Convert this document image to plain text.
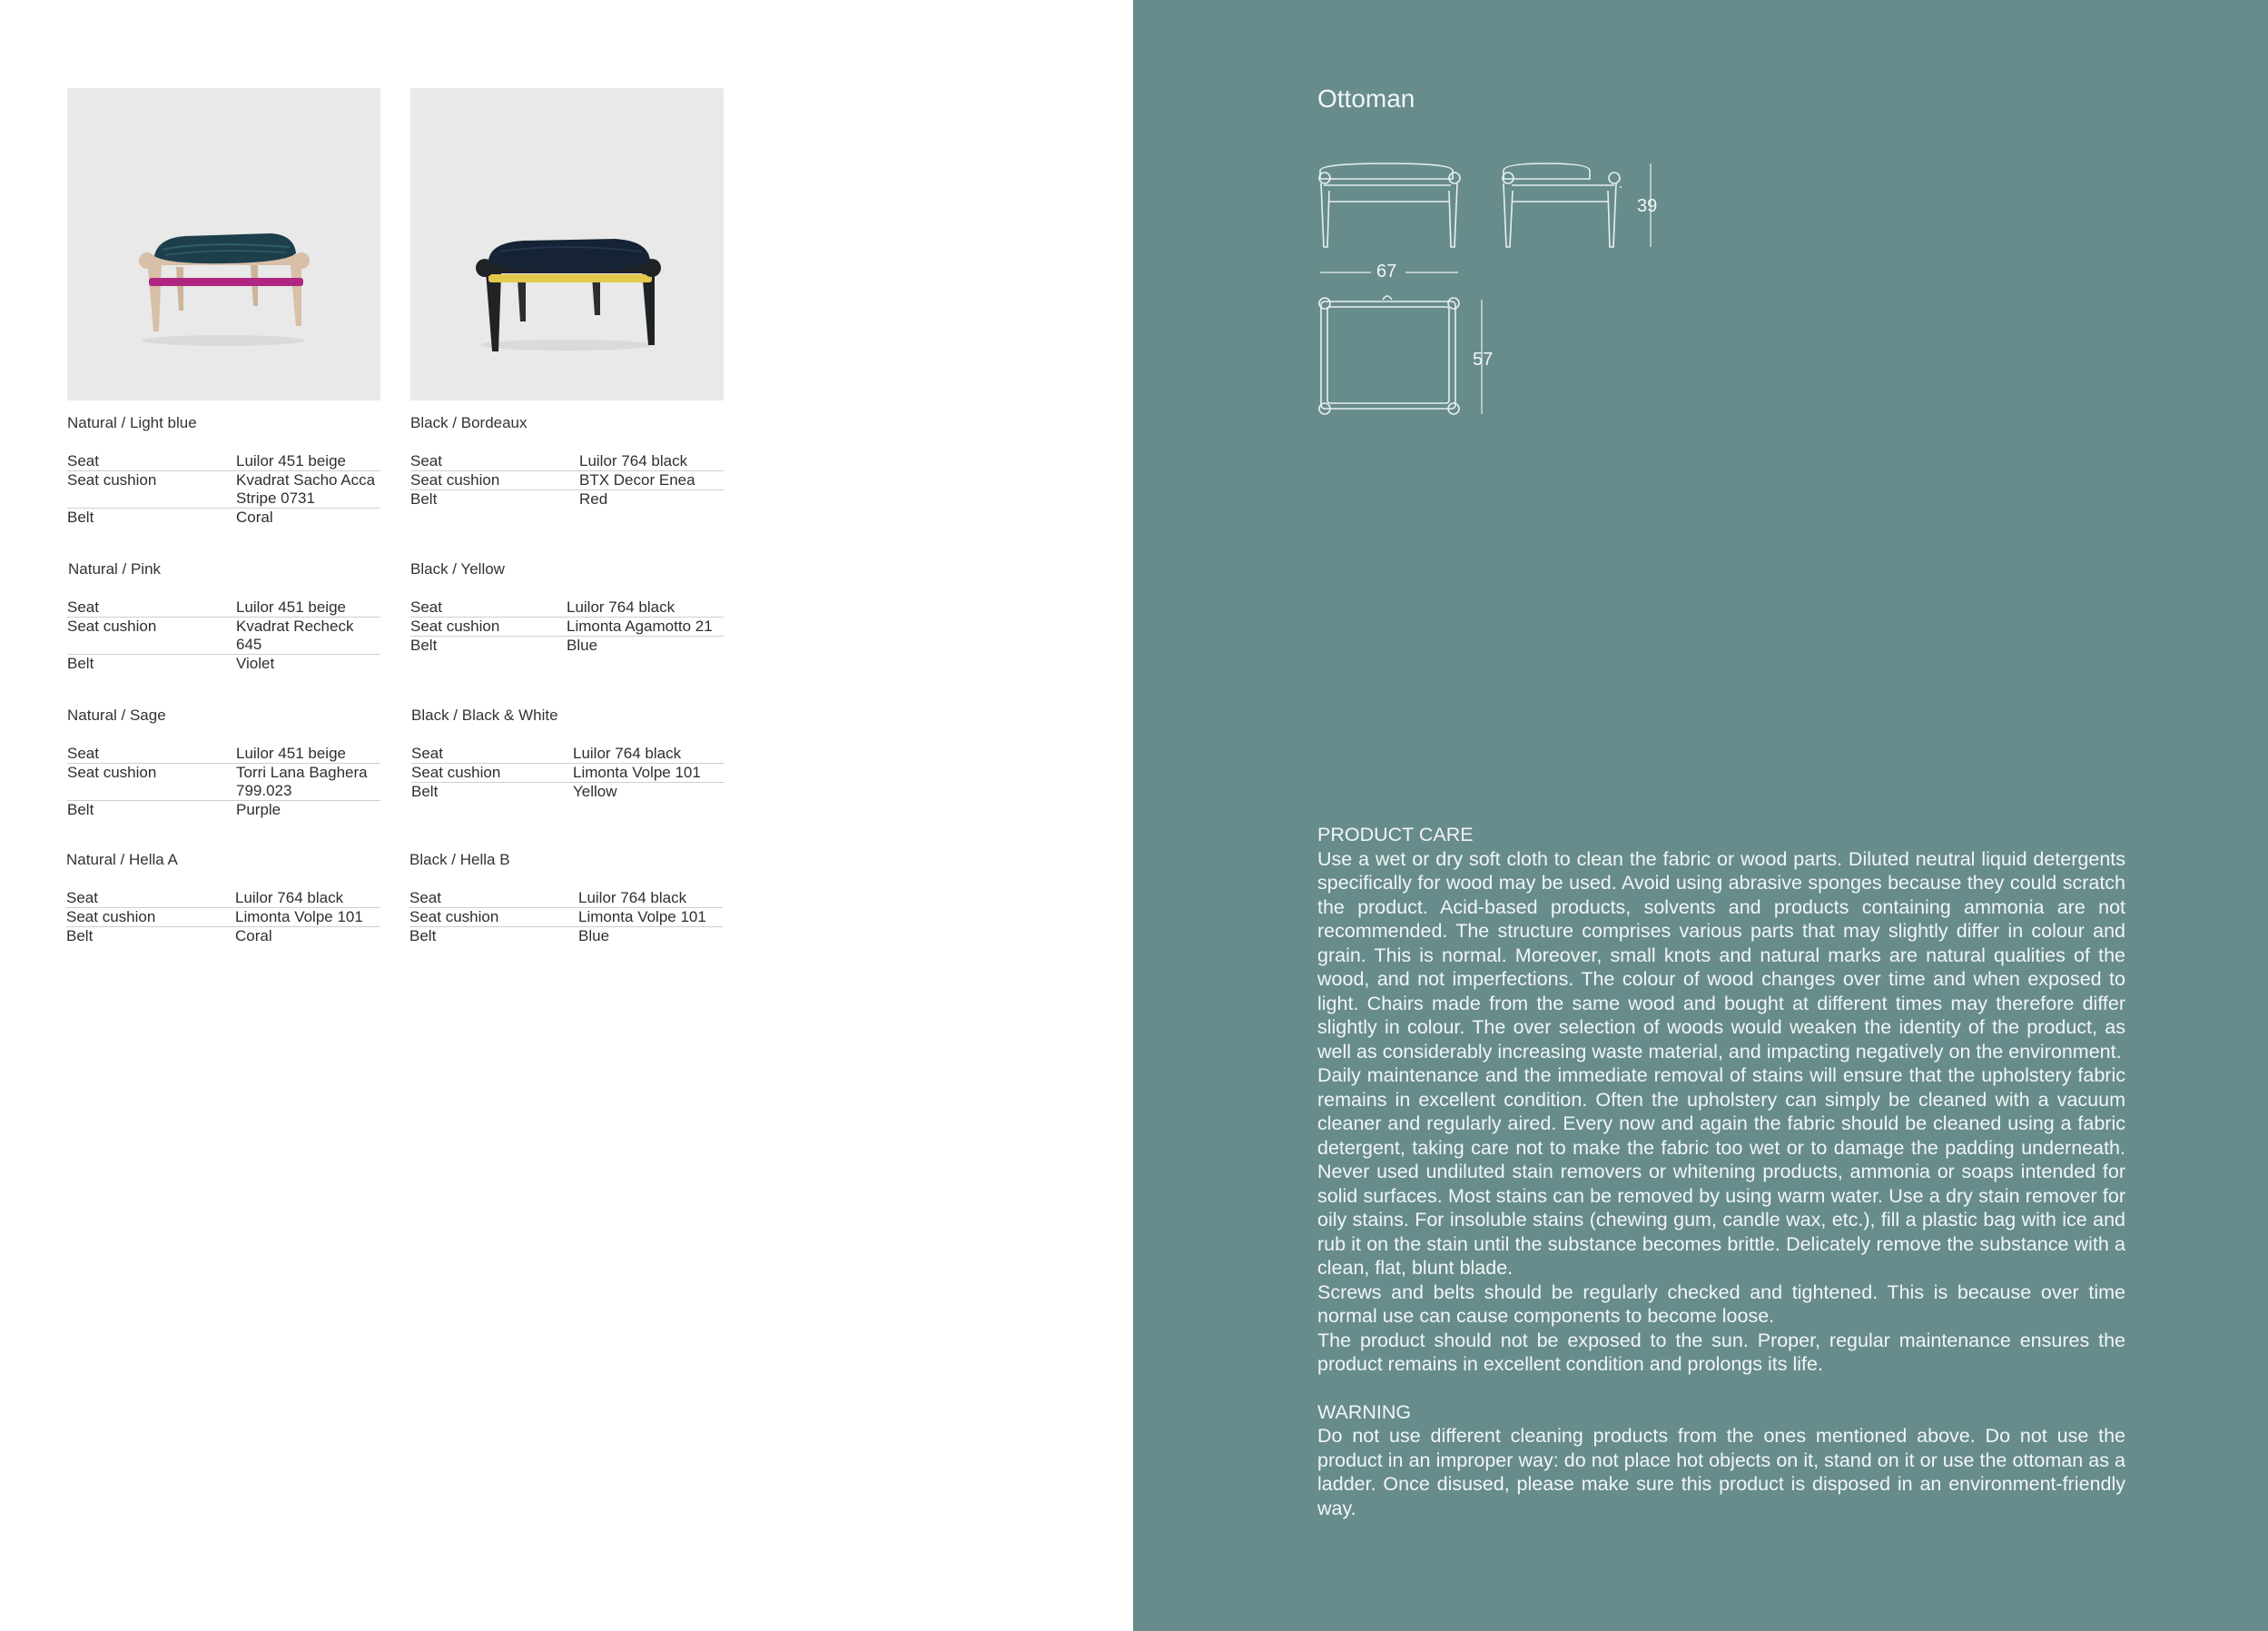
Natural / Light blue
Seat	Luilor 451 beige
Seat cushion	Kvadrat Sacho Acca Stripe 0731
Belt	Coral
Black / Bordeaux
Seat	Luilor 764 black
Seat cushion	BTX Decor Enea
Belt	Red
Natural / Pink
Seat	Luilor 451 beige
Seat cushion	Kvadrat Recheck 645
Belt	Violet
Black / Yellow
Seat	Luilor 764 black
Seat cushion	Limonta Agamotto 21
Belt	Blue
Natural / Sage
Seat	Luilor 451 beige
Seat cushion	Torri Lana Baghera 799.023
Belt	Purple
Black / Black & White
Seat	Luilor 764 black
Seat cushion	Limonta Volpe 101
Belt	Yellow
Natural / Hella A
Seat	Luilor 764 black
Seat cushion	Limonta Volpe 101
Belt	Coral
Black / Hella B
Seat	Luilor 764 black
Seat cushion	Limonta Volpe 101
Belt	Blue
Ottoman
39
67
57
PRODUCT CARE

Use a wet or dry soft cloth to clean the fabric or wood parts. Diluted neutral liquid detergents specifically for wood may be used. Avoid using abrasive sponges because they could scratch the product. Acid-based products, solvents and products containing ammonia are not recommended. The structure comprises various parts that may slightly differ in colour and grain. This is normal. Moreover, small knots and natural marks are natural qualities of the wood, and not imperfections. The colour of wood changes over time and when exposed to light. Chairs made from the same wood and bought at different times may therefore differ slightly in colour. The over selection of woods would weaken the identity of the product, as well as considerably increasing waste material, and impacting negatively on the environment.

Daily maintenance and the immediate removal of stains will ensure that the upholstery fabric remains in excellent condition. Often the upholstery can simply be cleaned with a vacuum cleaner and regularly aired. Every now and again the fabric should be cleaned using a fabric detergent, taking care not to make the fabric too wet or to damage the padding underneath. Never used undiluted stain removers or whitening products, ammonia or soaps intended for solid surfaces. Most stains can be removed by using warm water. Use a dry stain remover for oily stains. For insoluble stains (chewing gum, candle wax, etc.), fill a plastic bag with ice and rub it on the stain until the substance becomes brittle. Delicately remove the substance with a clean, flat, blunt blade.

Screws and belts should be regularly checked and tightened. This is because over time normal use can cause components to become loose.

The product should not be exposed to the sun. Proper, regular maintenance ensures the product remains in excellent condition and prolongs its life.

WARNING

Do not use different cleaning products from the ones mentioned above. Do not use the product in an improper way: do not place hot objects on it, stand on it or use the ottoman as a ladder. Once disused, please make sure this product is disposed in an environment-friendly way.
